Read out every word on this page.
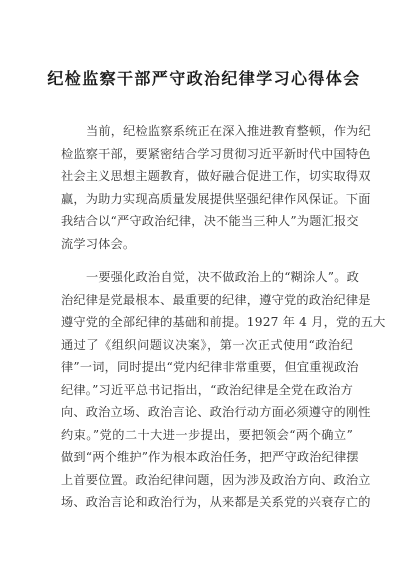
纪检监察干部严守政治纪律学习心得体会
当前，纪检监察系统正在深入推进教育整顿，作为纪
检监察干部，要紧密结合学习贯彻习近平新时代中国特色
社会主义思想主题教育，做好融合促进工作，切实取得双
赢，为助力实现高质量发展提供坚强纪律作风保证。下面
我结合以“严守政治纪律，决不能当三种人”为题汇报交
流学习体会。
一要强化政治自觉，决不做政治上的“糊涂人”。政
治纪律是党最根本、最重要的纪律，遵守党的政治纪律是
遵守党的全部纪律的基础和前提。1927 年 4 月，党的五大
通过了《组织问题议决案》，第一次正式使用“政治纪
律”一词，同时提出“党内纪律非常重要，但宜重视政治
纪律。”习近平总书记指出，“政治纪律是全党在政治方
向、政治立场、政治言论、政治行动方面必须遵守的刚性
约束。”党的二十大进一步提出，要把领会“两个确立”
做到“两个维护”作为根本政治任务，把严守政治纪律摆
上首要位置。政治纪律问题，因为涉及政治方向、政治立
场、政治言论和政治行为，从来都是关系党的兴衰存亡的
